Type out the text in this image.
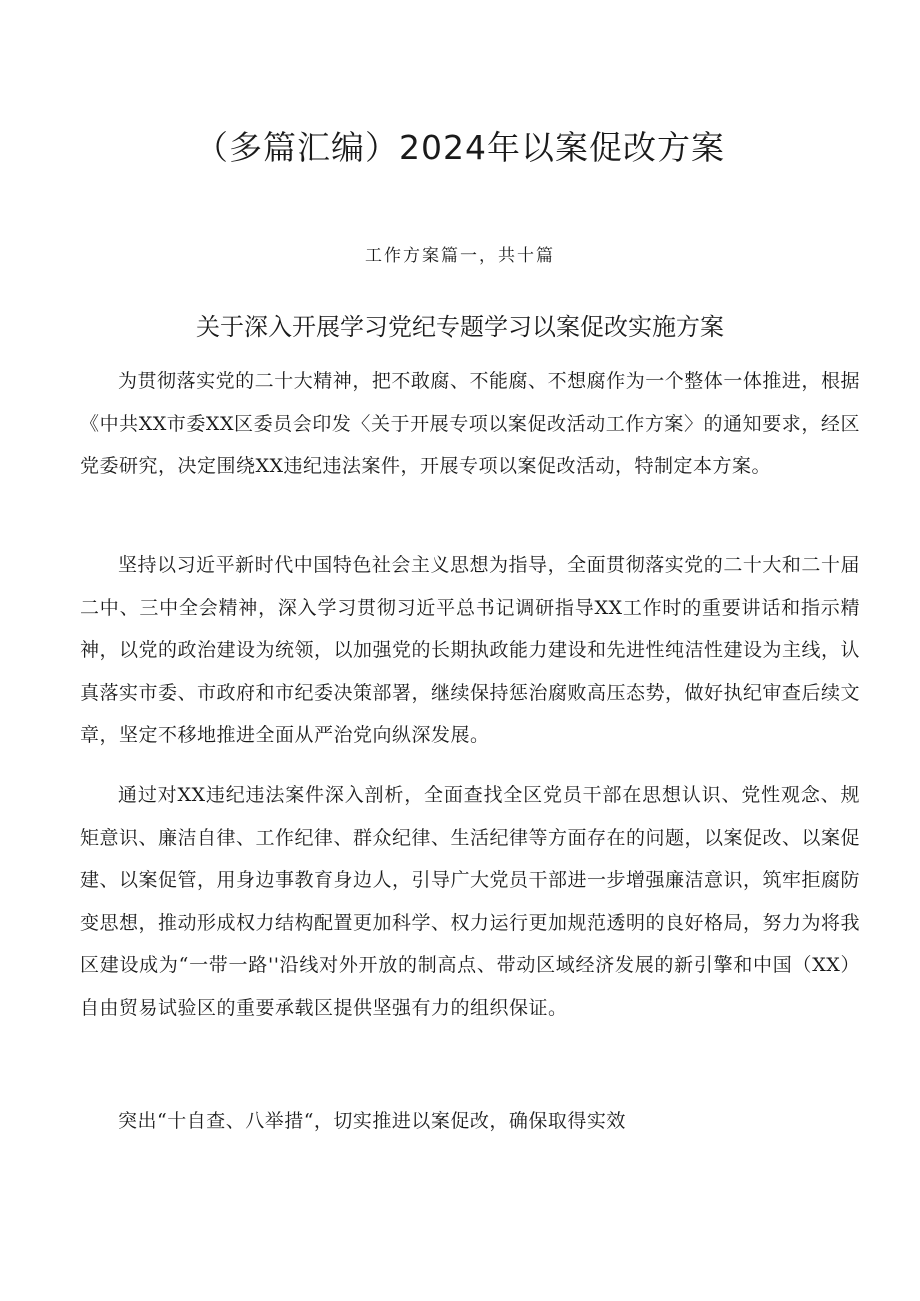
（多篇汇编）2024年以案促改方案
工作方案篇一，共十篇
关于深入开展学习党纪专题学习以案促改实施方案

为贯彻落实党的二十大精神，把不敢腐、不能腐、不想腐作为一个整体一体推进，根据《中共XX市委XX区委员会印发〈关于开展专项以案促改活动工作方案〉的通知要求，经区党委研究，决定围绕XX违纪违法案件，开展专项以案促改活动，特制定本方案。

坚持以习近平新时代中国特色社会主义思想为指导，全面贯彻落实党的二十大和二十届二中、三中全会精神，深入学习贯彻习近平总书记调研指导XX工作时的重要讲话和指示精神，以党的政治建设为统领，以加强党的长期执政能力建设和先进性纯洁性建设为主线，认真落实市委、市政府和市纪委决策部署，继续保持惩治腐败高压态势，做好执纪审查后续文章，坚定不移地推进全面从严治党向纵深发展。

通过对XX违纪违法案件深入剖析，全面查找全区党员干部在思想认识、党性观念、规矩意识、廉洁自律、工作纪律、群众纪律、生活纪律等方面存在的问题，以案促改、以案促建、以案促管，用身边事教育身边人，引导广大党员干部进一步增强廉洁意识，筑牢拒腐防变思想，推动形成权力结构配置更加科学、权力运行更加规范透明的良好格局，努力为将我区建设成为“一带一路''沿线对外开放的制高点、带动区域经济发展的新引擎和中国（XX）自由贸易试验区的重要承载区提供坚强有力的组织保证。

突出“十自查、八举措“，切实推进以案促改，确保取得实效
